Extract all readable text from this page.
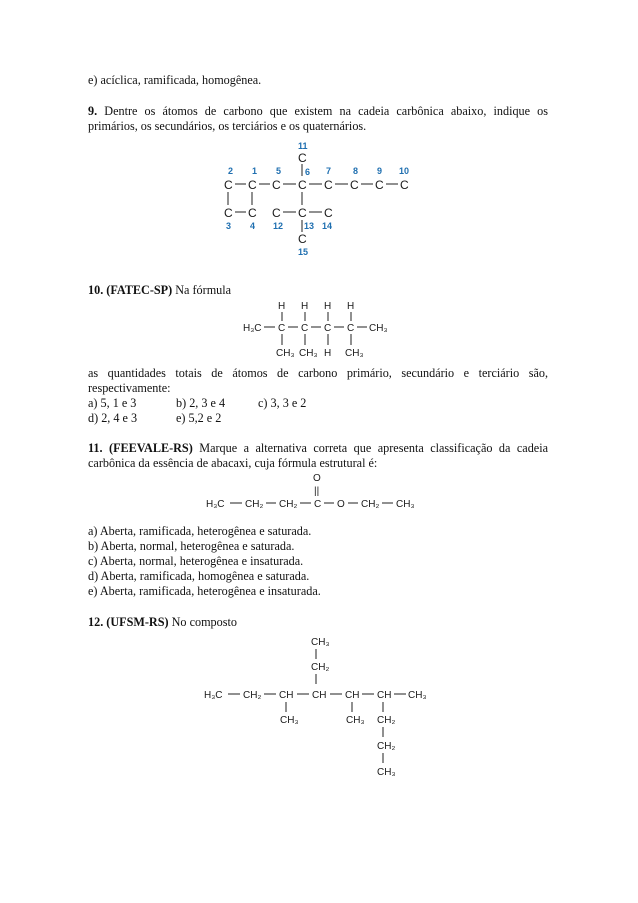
e) acíclica, ramificada, homogênea.

9. Dentre os átomos de carbono que existem na cadeia carbônica abaixo, indique os

primários, os secundários, os terciários e os quaternários.

11
2 1 5	6 7 8 9 10
3 4 12 13 14
15
C
C C C C C C C C
C C C C C
C

10. (FATEC-SP) Na fórmula

H H H H
H₃C C C C C CH₃
CH₃ CH₃ H CH₃

as quantidades totais de átomos de carbono primário, secundário e terciário são,

respectivamente:

a) 5, 1 e 3	b) 2, 3 e 4	c) 3, 3 e 2
d) 2, 4 e 3	e) 5,2 e 2

11. (FEEVALE-RS) Marque a alternativa correta que apresenta classificação da cadeia

carbônica da essência de abacaxi, cuja fórmula estrutural é:

O
||
H₃C CH₂ CH₂ C O CH₂ CH₃

a) Aberta, ramificada, heterogênea e saturada.

b) Aberta, normal, heterogênea e saturada.

c) Aberta, normal, heterogênea e insaturada.

d) Aberta, ramificada, homogênea e saturada.

e) Aberta, ramificada, heterogênea e insaturada.

12. (UFSM-RS) No composto

CH₃
CH₂
H₃C CH₂ CH CH CH CH CH₃
CH₃	CH₃ CH₂
CH₂
CH₃
